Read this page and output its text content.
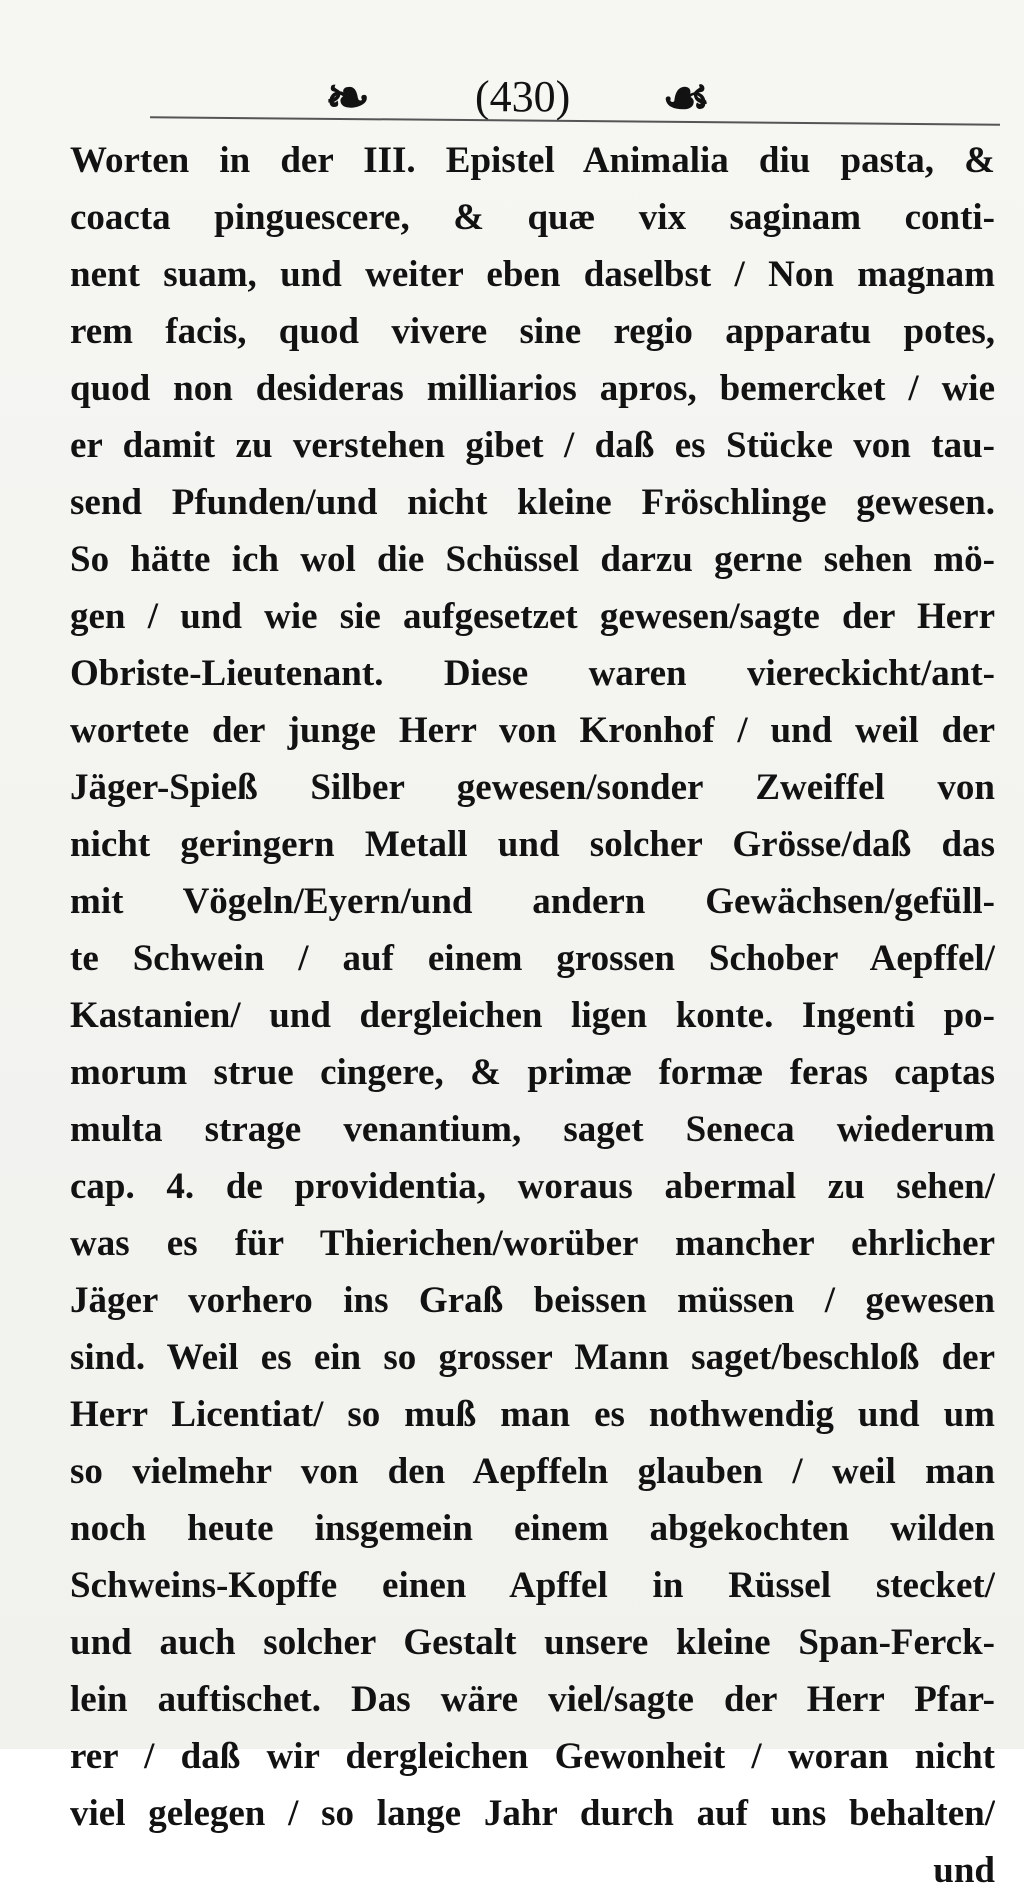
❧ (430) ☙
Worten in der III. Epistel Animalia diu pasta, &
coacta pinguescere, & quæ vix saginam conti-
nent suam, und weiter eben daselbst / Non magnam
rem facis, quod vivere sine regio apparatu potes,
quod non desideras milliarios apros, bemercket / wie
er damit zu verstehen gibet / daß es Stücke von tau-
send Pfunden/und nicht kleine Fröschlinge gewesen.
So hätte ich wol die Schüssel darzu gerne sehen mö-
gen / und wie sie aufgesetzet gewesen/sagte der Herr
Obriste-Lieutenant. Diese waren viereckicht/ant-
wortete der junge Herr von Kronhof / und weil der
Jäger-Spieß Silber gewesen/sonder Zweiffel von
nicht geringern Metall und solcher Grösse/daß das
mit Vögeln/Eyern/und andern Gewächsen/gefüll-
te Schwein / auf einem grossen Schober Aepffel/
Kastanien/ und dergleichen ligen konte. Ingenti po-
morum strue cingere, & primæ formæ feras captas
multa strage venantium, saget Seneca wiederum
cap. 4. de providentia, woraus abermal zu sehen/
was es für Thierichen/worüber mancher ehrlicher
Jäger vorhero ins Graß beissen müssen / gewesen
sind. Weil es ein so grosser Mann saget/beschloß der
Herr Licentiat/ so muß man es nothwendig und um
so vielmehr von den Aepffeln glauben / weil man
noch heute insgemein einem abgekochten wilden
Schweins-Kopffe einen Apffel in Rüssel stecket/
und auch solcher Gestalt unsere kleine Span-Ferck-
lein auftischet. Das wäre viel/sagte der Herr Pfar-
rer / daß wir dergleichen Gewonheit / woran nicht
viel gelegen / so lange Jahr durch auf uns behalten/
und
